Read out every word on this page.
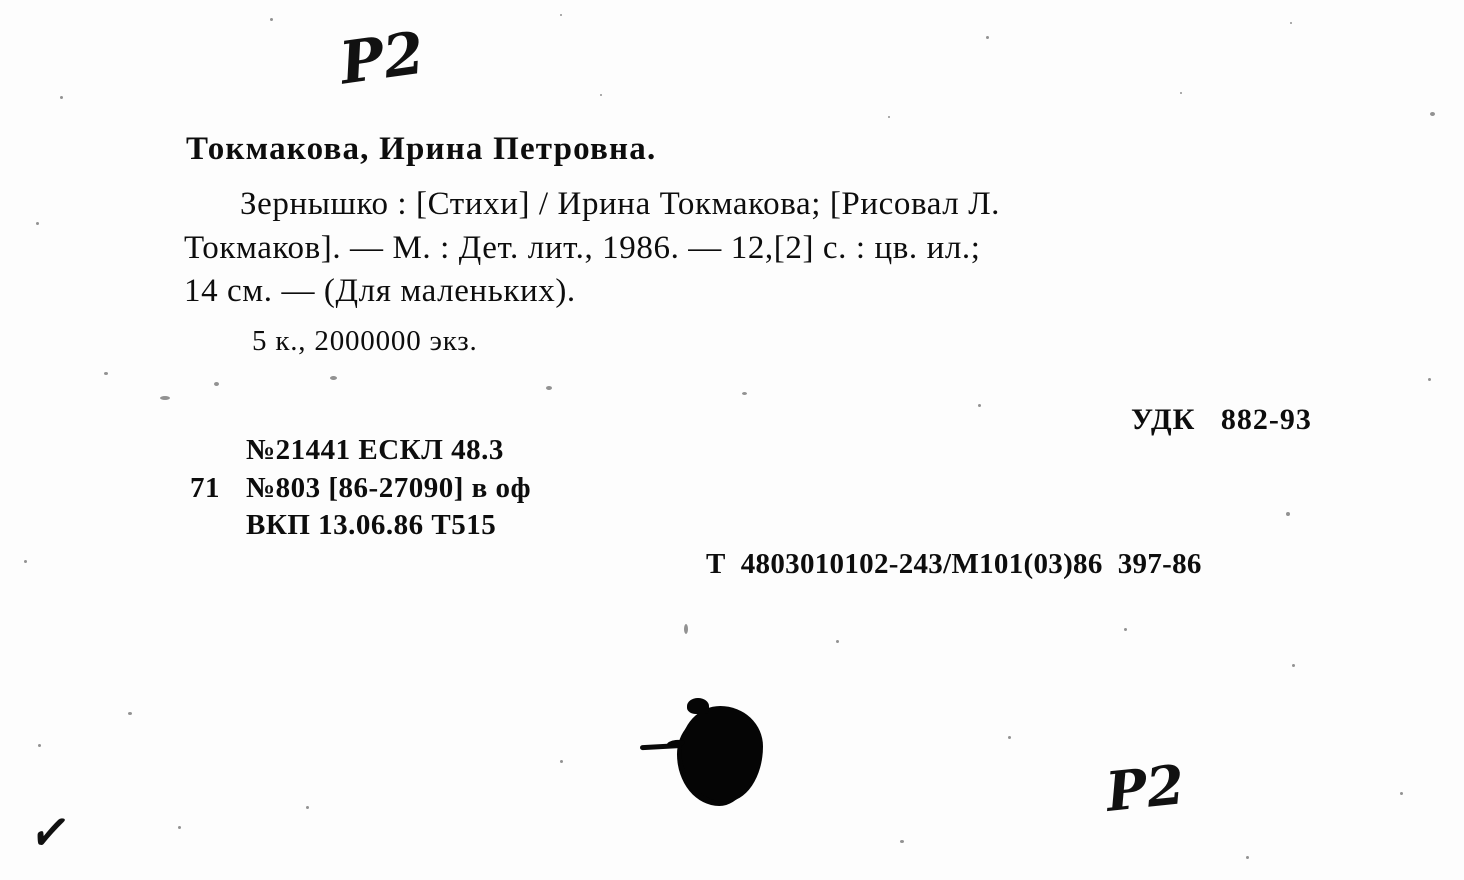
Р2
Токмакова, Ирина Петровна.
Зернышко : [Стихи] / Ирина Токмакова; [Рисовал Л.
Токмаков]. — М. : Дет. лит., 1986. — 12,[2] с. : цв. ил.;
14 см. — (Для маленьких).
5 к., 2000000 экз.
УДК   882-93
№21441 ЕСКЛ 48.3
71 №803 [86-27090] в оф
ВКП 13.06.86 Т515
Т  4803010102-243/М101(03)86  397-86
Р2
✓
